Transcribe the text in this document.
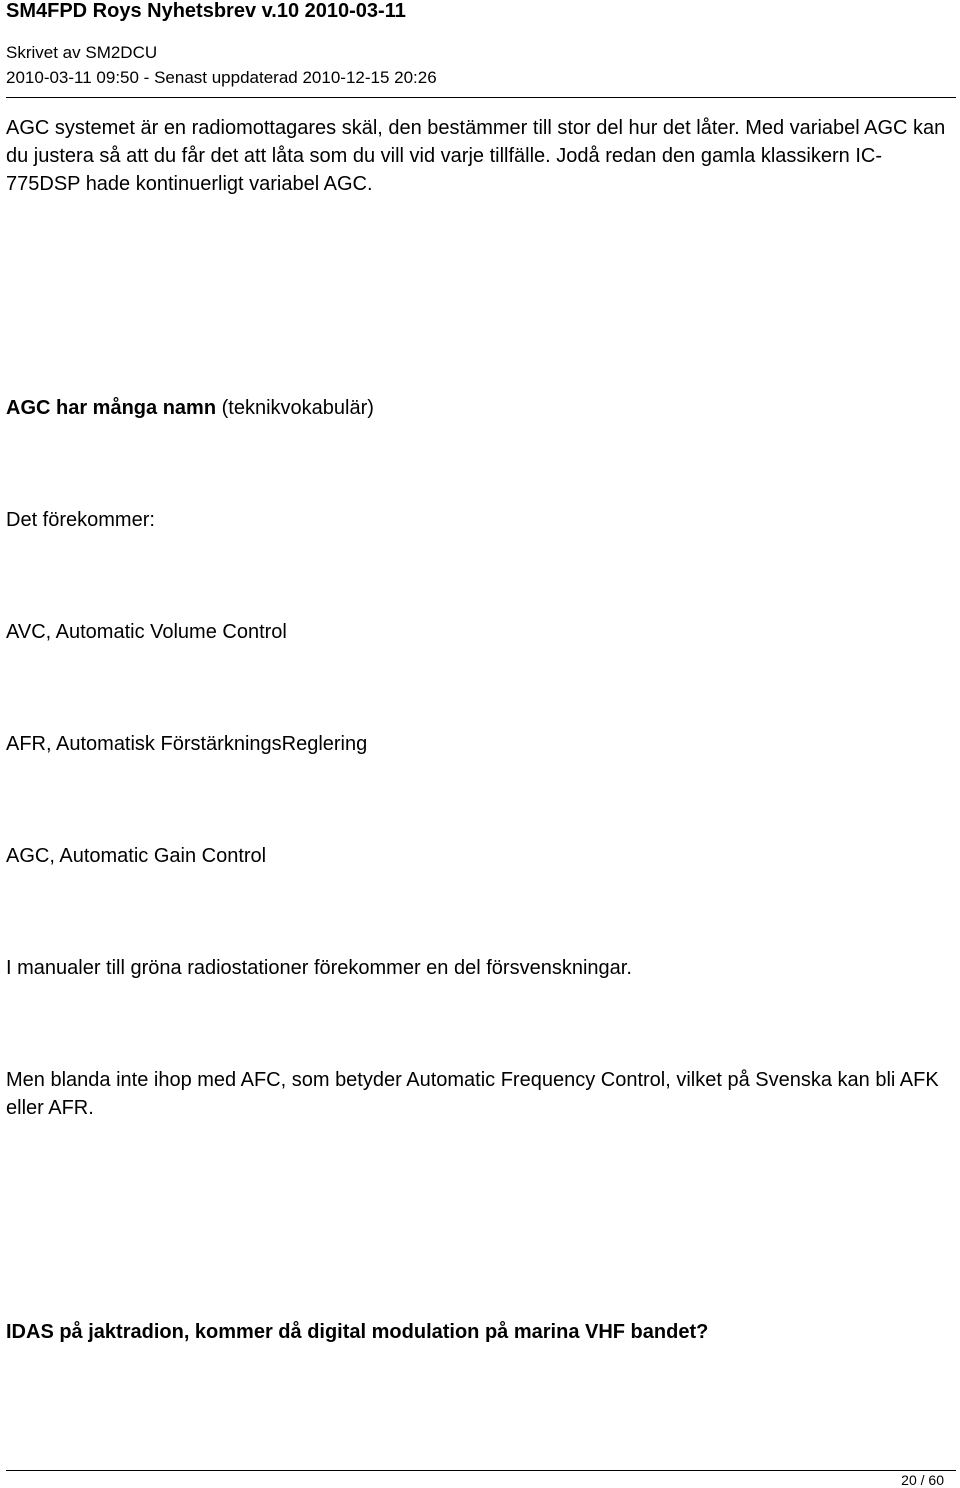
SM4FPD Roys Nyhetsbrev v.10 2010-03-11
Skrivet av SM2DCU
2010-03-11 09:50 - Senast uppdaterad 2010-12-15 20:26

AGC systemet är en radiomottagares skäl, den bestämmer till stor del hur det låter. Med variabel AGC kan du justera så att du får det att låta som du vill vid varje tillfälle. Jodå redan den gamla klassikern IC-775DSP hade kontinuerligt variabel AGC.

AGC har många namn (teknikvokabulär)

Det förekommer:

AVC, Automatic Volume Control

AFR, Automatisk FörstärkningsReglering

AGC, Automatic Gain Control

I manualer till gröna radiostationer förekommer en del försvenskningar.

Men blanda inte ihop med AFC, som betyder Automatic Frequency Control, vilket på Svenska kan bli AFK eller AFR.

IDAS på jaktradion, kommer då digital modulation på marina VHF bandet?

20 / 60
